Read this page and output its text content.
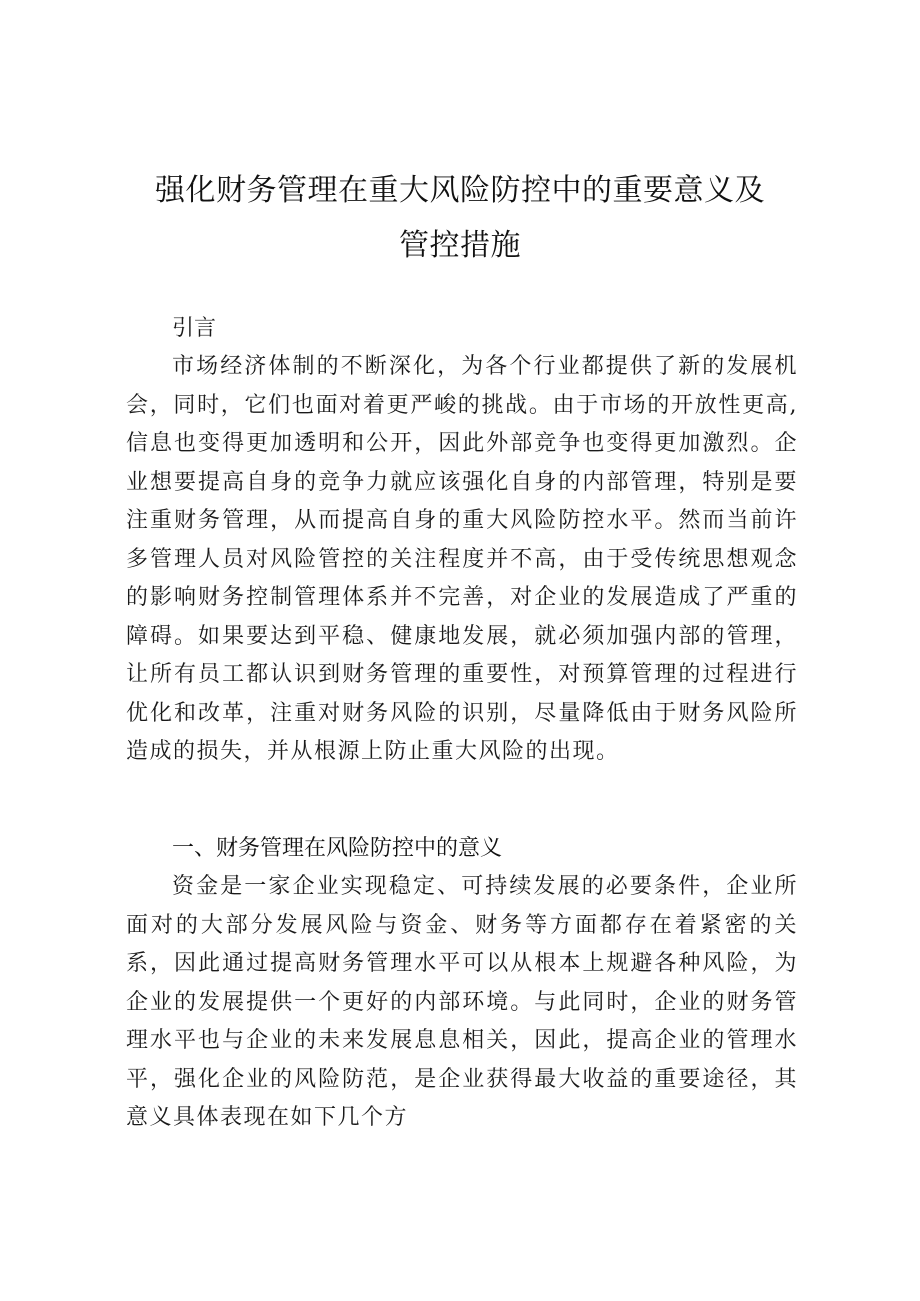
强化财务管理在重大风险防控中的重要意义及
管控措施

引言

市场经济体制的不断深化，为各个行业都提供了新的发展机会，同时，它们也面对着更严峻的挑战。由于市场的开放性更高,信息也变得更加透明和公开，因此外部竞争也变得更加激烈。企业想要提高自身的竞争力就应该强化自身的内部管理，特别是要注重财务管理，从而提高自身的重大风险防控水平。然而当前许多管理人员对风险管控的关注程度并不高，由于受传统思想观念的影响财务控制管理体系并不完善，对企业的发展造成了严重的障碍。如果要达到平稳、健康地发展，就必须加强内部的管理，让所有员工都认识到财务管理的重要性，对预算管理的过程进行优化和改革，注重对财务风险的识别，尽量降低由于财务风险所造成的损失，并从根源上防止重大风险的出现。

一、财务管理在风险防控中的意义

资金是一家企业实现稳定、可持续发展的必要条件，企业所面对的大部分发展风险与资金、财务等方面都存在着紧密的关系，因此通过提高财务管理水平可以从根本上规避各种风险，为企业的发展提供一个更好的内部环境。与此同时，企业的财务管理水平也与企业的未来发展息息相关，因此，提高企业的管理水平，强化企业的风险防范，是企业获得最大收益的重要途径，其意义具体表现在如下几个方
